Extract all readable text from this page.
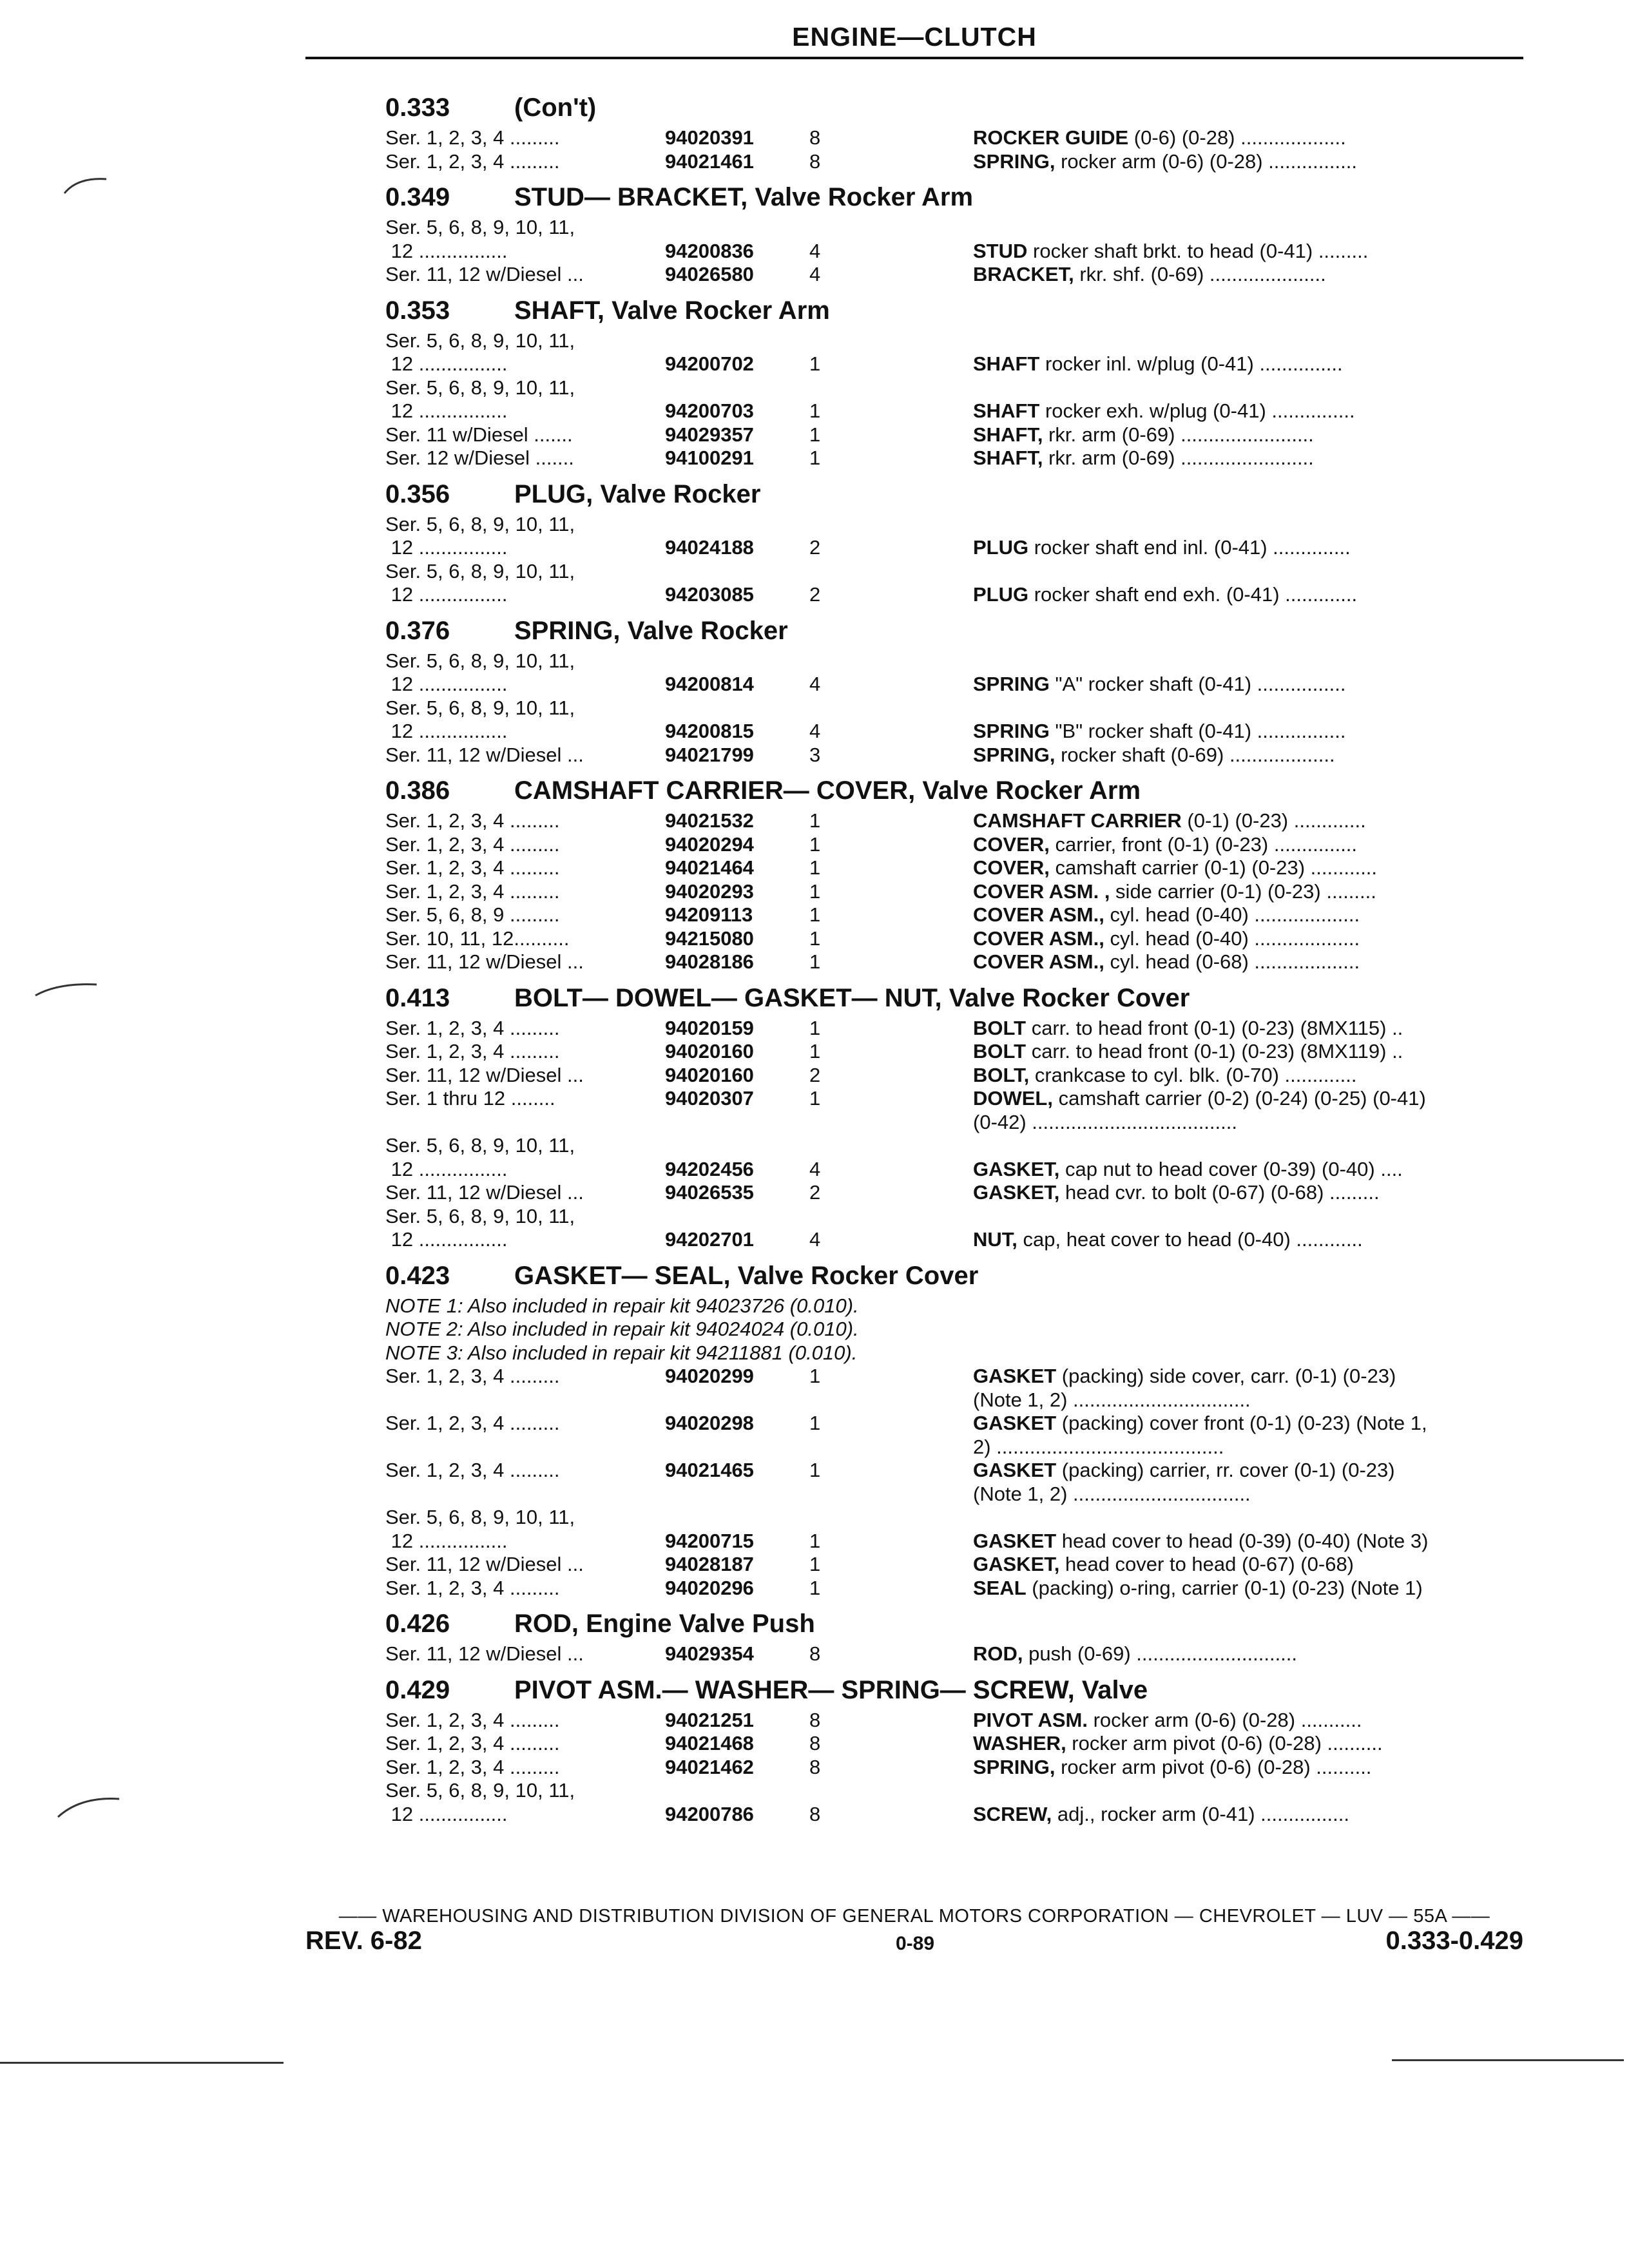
ENGINE—CLUTCH
0.333	(Con't)
Ser. 1, 2, 3, 4 .........	94020391	8	ROCKER GUIDE (0-6) (0-28) ...................
Ser. 1, 2, 3, 4 .........	94021461	8	SPRING, rocker arm (0-6) (0-28) ................
0.349	STUD— BRACKET, Valve Rocker Arm
Ser. 5, 6, 8, 9, 10, 11,
12 ................	94200836	4	STUD rocker shaft brkt. to head (0-41) .........
Ser. 11, 12 w/Diesel ...	94026580	4	BRACKET, rkr. shf. (0-69) .....................
0.353	SHAFT, Valve Rocker Arm
Ser. 5, 6, 8, 9, 10, 11,
12 ................	94200702	1	SHAFT rocker inl. w/plug (0-41) ...............
Ser. 5, 6, 8, 9, 10, 11,
12 ................	94200703	1	SHAFT rocker exh. w/plug (0-41) ...............
Ser. 11 w/Diesel .......	94029357	1	SHAFT, rkr. arm (0-69) ........................
Ser. 12 w/Diesel .......	94100291	1	SHAFT, rkr. arm (0-69) ........................
0.356	PLUG, Valve Rocker
Ser. 5, 6, 8, 9, 10, 11,
12 ................	94024188	2	PLUG rocker shaft end inl. (0-41) ..............
Ser. 5, 6, 8, 9, 10, 11,
12 ................	94203085	2	PLUG rocker shaft end exh. (0-41) .............
0.376	SPRING, Valve Rocker
Ser. 5, 6, 8, 9, 10, 11,
12 ................	94200814	4	SPRING "A" rocker shaft (0-41) ................
Ser. 5, 6, 8, 9, 10, 11,
12 ................	94200815	4	SPRING "B" rocker shaft (0-41) ................
Ser. 11, 12 w/Diesel ...	94021799	3	SPRING, rocker shaft (0-69) ...................
0.386	CAMSHAFT CARRIER— COVER, Valve Rocker Arm
Ser. 1, 2, 3, 4 .........	94021532	1	CAMSHAFT CARRIER (0-1) (0-23) .............
Ser. 1, 2, 3, 4 .........	94020294	1	COVER, carrier, front (0-1) (0-23) ...............
Ser. 1, 2, 3, 4 .........	94021464	1	COVER, camshaft carrier (0-1) (0-23) ............
Ser. 1, 2, 3, 4 .........	94020293	1	COVER ASM. , side carrier (0-1) (0-23) .........
Ser. 5, 6, 8, 9 .........	94209113	1	COVER ASM., cyl. head (0-40) ...................
Ser. 10, 11, 12..........	94215080	1	COVER ASM., cyl. head (0-40) ...................
Ser. 11, 12 w/Diesel ...	94028186	1	COVER ASM., cyl. head (0-68) ...................
0.413	BOLT— DOWEL— GASKET— NUT, Valve Rocker Cover
Ser. 1, 2, 3, 4 .........	94020159	1	BOLT carr. to head front (0-1) (0-23) (8MX115) ..
Ser. 1, 2, 3, 4 .........	94020160	1	BOLT carr. to head front (0-1) (0-23) (8MX119) ..
Ser. 11, 12 w/Diesel ...	94020160	2	BOLT, crankcase to cyl. blk. (0-70) .............
Ser. 1 thru 12 ........	94020307	1	DOWEL, camshaft carrier (0-2) (0-24) (0-25) (0-41)
(0-42) .....................................
Ser. 5, 6, 8, 9, 10, 11,
12 ................	94202456	4	GASKET, cap nut to head cover (0-39) (0-40) ....
Ser. 11, 12 w/Diesel ...	94026535	2	GASKET, head cvr. to bolt (0-67) (0-68) .........
Ser. 5, 6, 8, 9, 10, 11,
12 ................	94202701	4	NUT, cap, heat cover to head (0-40) ............
0.423	GASKET— SEAL, Valve Rocker Cover
NOTE 1: Also included in repair kit 94023726 (0.010).
NOTE 2: Also included in repair kit 94024024 (0.010).
NOTE 3: Also included in repair kit 94211881 (0.010).
Ser. 1, 2, 3, 4 .........	94020299	1	GASKET (packing) side cover, carr. (0-1) (0-23)
(Note 1, 2) ................................
Ser. 1, 2, 3, 4 .........	94020298	1	GASKET (packing) cover front (0-1) (0-23) (Note 1,
2) .........................................
Ser. 1, 2, 3, 4 .........	94021465	1	GASKET (packing) carrier, rr. cover (0-1) (0-23)
(Note 1, 2) ................................
Ser. 5, 6, 8, 9, 10, 11,
12 ................	94200715	1	GASKET head cover to head (0-39) (0-40) (Note 3)
Ser. 11, 12 w/Diesel ...	94028187	1	GASKET, head cover to head (0-67) (0-68)
Ser. 1, 2, 3, 4 .........	94020296	1	SEAL (packing) o-ring, carrier (0-1) (0-23) (Note 1)
0.426	ROD, Engine Valve Push
Ser. 11, 12 w/Diesel ...	94029354	8	ROD, push (0-69) .............................
0.429	PIVOT ASM.— WASHER— SPRING— SCREW, Valve
Ser. 1, 2, 3, 4 .........	94021251	8	PIVOT ASM. rocker arm (0-6) (0-28) ...........
Ser. 1, 2, 3, 4 .........	94021468	8	WASHER, rocker arm pivot (0-6) (0-28) ..........
Ser. 1, 2, 3, 4 .........	94021462	8	SPRING, rocker arm pivot (0-6) (0-28) ..........
Ser. 5, 6, 8, 9, 10, 11,
12 ................	94200786	8	SCREW, adj., rocker arm (0-41) ................
—— WAREHOUSING AND DISTRIBUTION DIVISION OF GENERAL MOTORS CORPORATION — CHEVROLET — LUV — 55A ——
REV. 6-82	0-89	0.333-0.429
